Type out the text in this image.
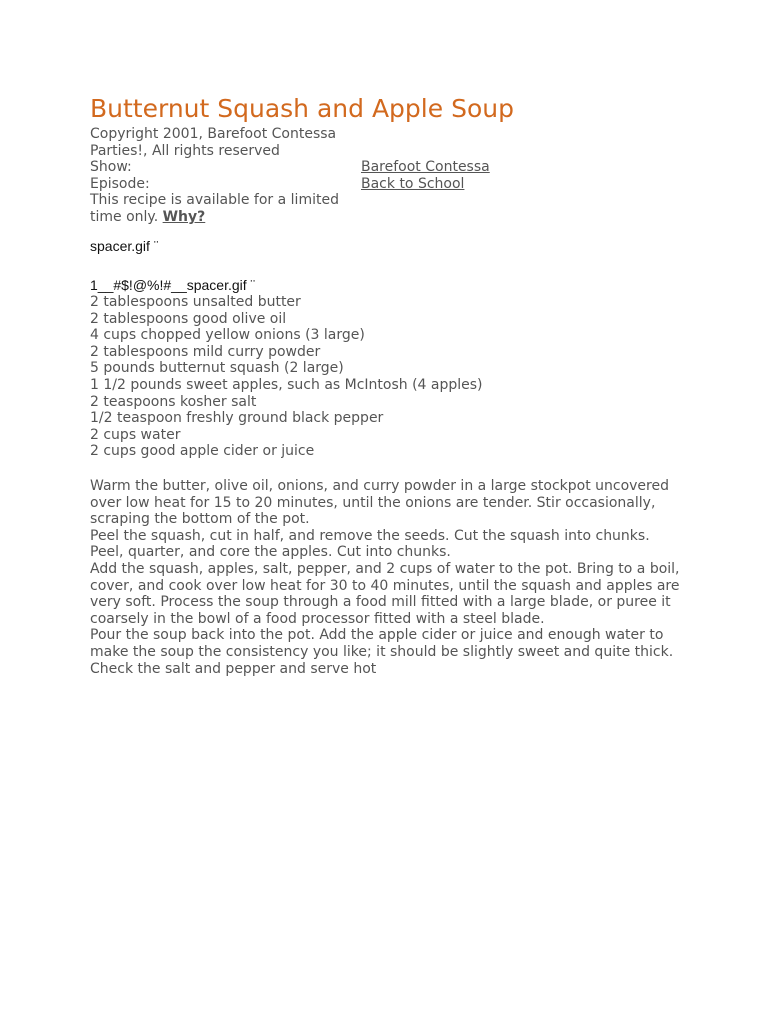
Butternut Squash and Apple Soup
Copyright 2001, Barefoot Contessa
Parties!, All rights reserved
Show:
Episode:
This recipe is available for a limited
time only. Why?
Barefoot Contessa
Back to School
spacer.gif ¨
1__#$!@%!#__spacer.gif ¨
2 tablespoons unsalted butter
2 tablespoons good olive oil
4 cups chopped yellow onions (3 large)
2 tablespoons mild curry powder
5 pounds butternut squash (2 large)
1 1/2 pounds sweet apples, such as McIntosh (4 apples)
2 teaspoons kosher salt
1/2 teaspoon freshly ground black pepper
2 cups water
2 cups good apple cider or juice

Warm the butter, olive oil, onions, and curry powder in a large stockpot uncovered over low heat for 15 to 20 minutes, until the onions are tender. Stir occasionally, scraping the bottom of the pot.

Peel the squash, cut in half, and remove the seeds. Cut the squash into chunks. Peel, quarter, and core the apples. Cut into chunks.

Add the squash, apples, salt, pepper, and 2 cups of water to the pot. Bring to a boil, cover, and cook over low heat for 30 to 40 minutes, until the squash and apples are very soft. Process the soup through a food mill fitted with a large blade, or puree it coarsely in the bowl of a food processor fitted with a steel blade.

Pour the soup back into the pot. Add the apple cider or juice and enough water to make the soup the consistency you like; it should be slightly sweet and quite thick. Check the salt and pepper and serve hot
